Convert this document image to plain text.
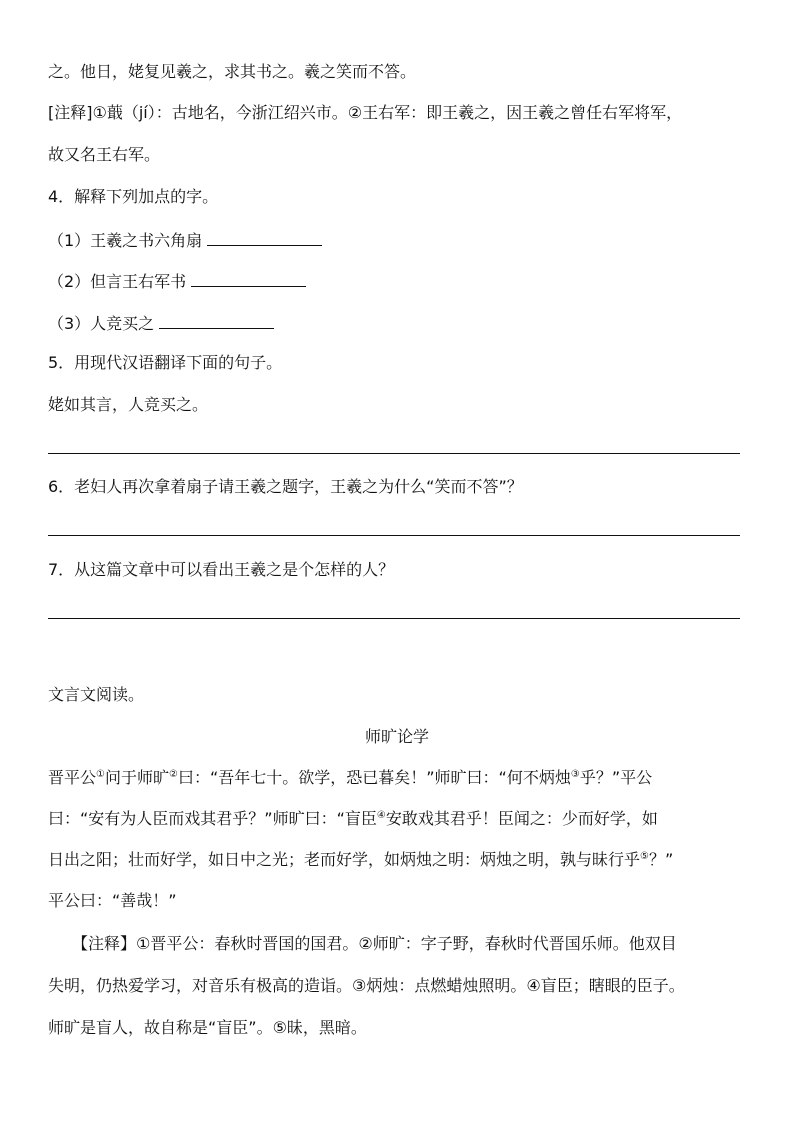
之。他日，姥复见羲之，求其书之。羲之笑而不答。
[注释]①蕺（jí）：古地名，今浙江绍兴市。②王右军：即王羲之，因王羲之曾任右军将军，
故又名王右军。
4．解释下列加点的字。
（1）王羲之书六角扇
（2）但言王右军书
（3）人竞买之
5．用现代汉语翻译下面的句子。
姥如其言，人竞买之。
6．老妇人再次拿着扇子请王羲之题字，王羲之为什么“笑而不答”？
7．从这篇文章中可以看出王羲之是个怎样的人？
文言文阅读。
师旷论学
晋平公①问于师旷②曰：“吾年七十。欲学，恐已暮矣！”师旷曰：“何不炳烛③乎？”平公
曰：“安有为人臣而戏其君乎？”师旷曰：“盲臣④安敢戏其君乎！臣闻之：少而好学，如
日出之阳；壮而好学，如日中之光；老而好学，如炳烛之明：炳烛之明，孰与昧行乎⑤？”
平公曰：“善哉！”
【注释】①晋平公：春秋时晋国的国君。②师旷：字子野，春秋时代晋国乐师。他双目
失明，仍热爱学习，对音乐有极高的造诣。③炳烛：点燃蜡烛照明。④盲臣；瞎眼的臣子。
师旷是盲人，故自称是“盲臣”。⑤昧，黑暗。
